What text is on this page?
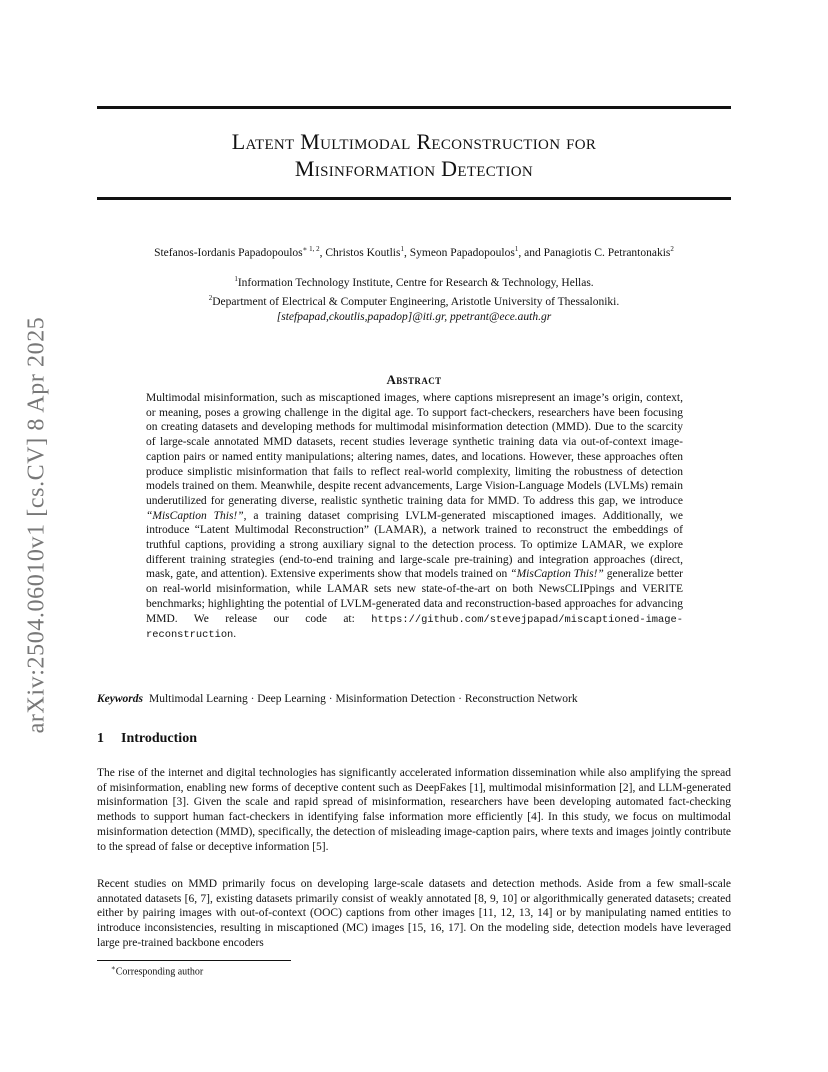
arXiv:2504.06010v1 [cs.CV] 8 Apr 2025
Latent Multimodal Reconstruction for
Misinformation Detection
Stefanos-Iordanis Papadopoulos$^{∗ 1, 2}$, Christos Koutlis$^1$, Symeon Papadopoulos$^1$, and Panagiotis C. Petrantonakis$^2$
$^1$Information Technology Institute, Centre for Research & Technology, Hellas.
$^2$Department of Electrical & Computer Engineering, Aristotle University of Thessaloniki.
[stefpapad,ckoutlis,papadop]@iti.gr, ppetrant@ece.auth.gr
Abstract
Multimodal misinformation, such as miscaptioned images, where captions misrepresent an image’s origin, context, or meaning, poses a growing challenge in the digital age. To support fact-checkers, researchers have been focusing on creating datasets and developing methods for multimodal misinformation detection (MMD). Due to the scarcity of large-scale annotated MMD datasets, recent studies leverage synthetic training data via out-of-context image-caption pairs or named entity manipulations; altering names, dates, and locations. However, these approaches often produce simplistic misinformation that fails to reflect real-world complexity, limiting the robustness of detection models trained on them. Meanwhile, despite recent advancements, Large Vision-Language Models (LVLMs) remain underutilized for generating diverse, realistic synthetic training data for MMD. To address this gap, we introduce “MisCaption This!”, a training dataset comprising LVLM-generated miscaptioned images. Additionally, we introduce “Latent Multimodal Reconstruction” (LAMAR), a network trained to reconstruct the embeddings of truthful captions, providing a strong auxiliary signal to the detection process. To optimize LAMAR, we explore different training strategies (end-to-end training and large-scale pre-training) and integration approaches (direct, mask, gate, and attention). Extensive experiments show that models trained on “MisCaption This!” generalize better on real-world misinformation, while LAMAR sets new state-of-the-art on both NewsCLIPpings and VERITE benchmarks; highlighting the potential of LVLM-generated data and reconstruction-based approaches for advancing MMD. We release our code at: https://github.com/stevejpapad/miscaptioned-image-reconstruction.
Keywords Multimodal Learning · Deep Learning · Misinformation Detection · Reconstruction Network
1 Introduction
The rise of the internet and digital technologies has significantly accelerated information dissemination while also amplifying the spread of misinformation, enabling new forms of deceptive content such as DeepFakes [1], multimodal misinformation [2], and LLM-generated misinformation [3]. Given the scale and rapid spread of misinformation, researchers have been developing automated fact-checking methods to support human fact-checkers in identifying false information more efficiently [4]. In this study, we focus on multimodal misinformation detection (MMD), specifically, the detection of misleading image-caption pairs, where texts and images jointly contribute to the spread of false or deceptive information [5].
Recent studies on MMD primarily focus on developing large-scale datasets and detection methods. Aside from a few small-scale annotated datasets [6, 7], existing datasets primarily consist of weakly annotated [8, 9, 10] or algorithmically generated datasets; created either by pairing images with out-of-context (OOC) captions from other images [11, 12, 13, 14] or by manipulating named entities to introduce inconsistencies, resulting in miscaptioned (MC) images [15, 16, 17]. On the modeling side, detection models have leveraged large pre-trained backbone encoders
∗Corresponding author
